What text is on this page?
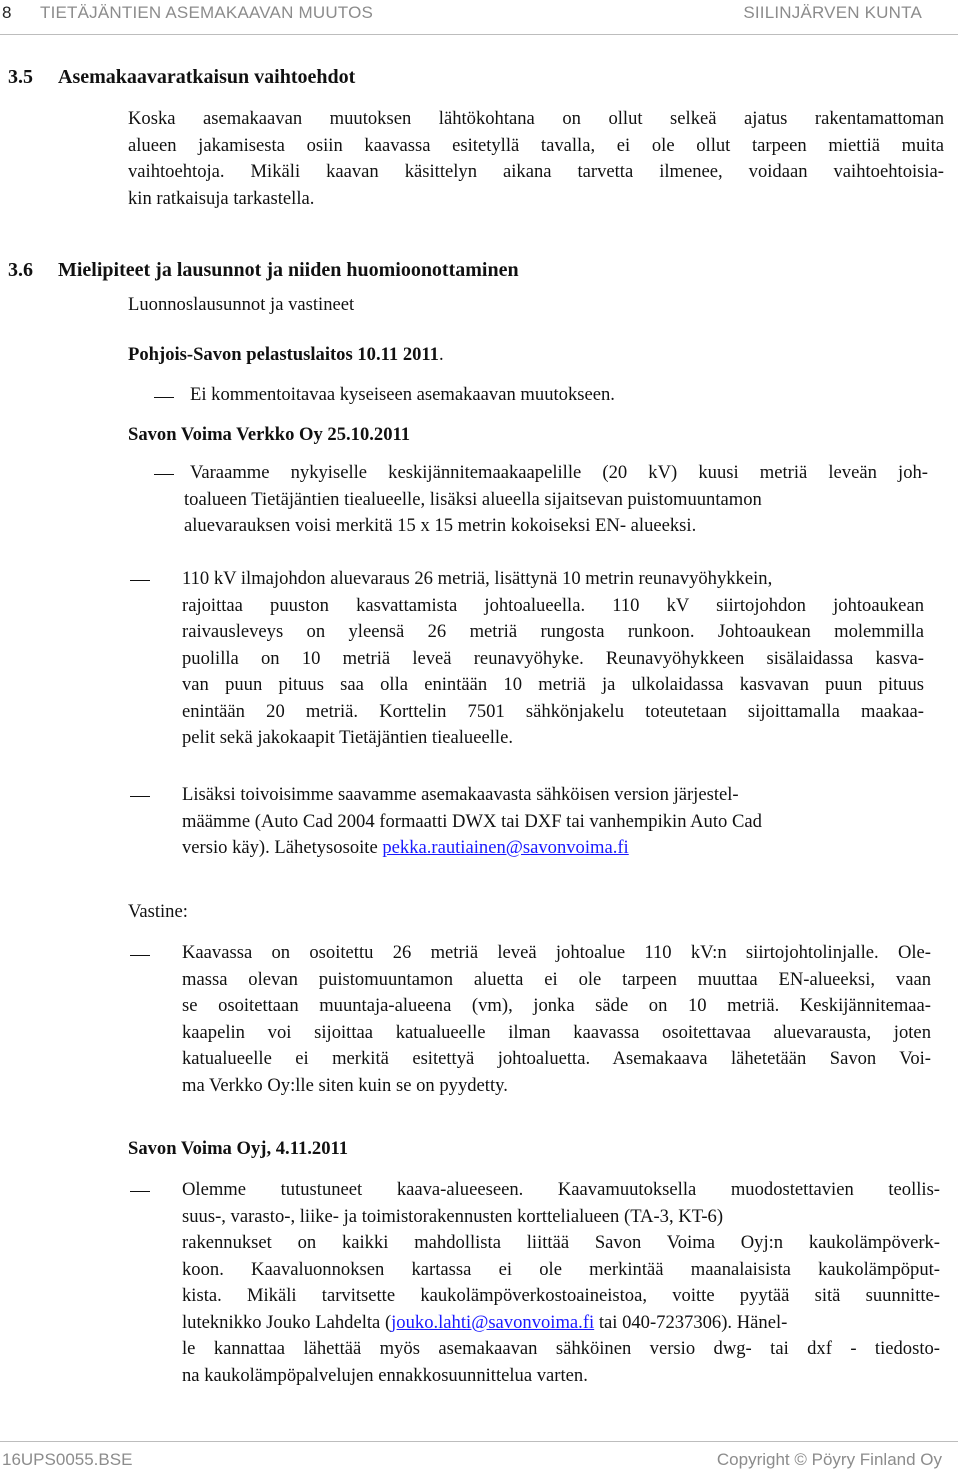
8 TIETÄJÄNTIEN ASEMAKAAVAN MUUTOS	SIILINJÄRVEN KUNTA
3.5 Asemakaavaratkaisun vaihtoehdot
Koska asemakaavan muutoksen lähtökohtana on ollut selkeä ajatus rakentamattoman
alueen jakamisesta osiin kaavassa esitetyllä tavalla, ei ole ollut tarpeen miettiä muita
vaihtoehtoja. Mikäli kaavan käsittelyn aikana tarvetta ilmenee, voidaan vaihtoehtoisia-
kin ratkaisuja tarkastella.
3.6 Mielipiteet ja lausunnot ja niiden huomioonottaminen
Luonnoslausunnot ja vastineet
Pohjois-Savon pelastuslaitos 10.11 2011.
Ei kommentoitavaa kyseiseen asemakaavan muutokseen.
Savon Voima Verkko Oy 25.10.2011
Varaamme nykyiselle keskijännitemaakaapelille (20 kV) kuusi metriä leveän joh-
toalueen Tietäjäntien tiealueelle, lisäksi alueella sijaitsevan puistomuuntamon
aluevarauksen voisi merkitä 15 x 15 metrin kokoiseksi EN- alueeksi.
110 kV ilmajohdon aluevaraus 26 metriä, lisättynä 10 metrin reunavyöhykkein,
rajoittaa puuston kasvattamista johtoalueella. 110 kV siirtojohdon johtoaukean
raivausleveys on yleensä 26 metriä rungosta runkoon. Johtoaukean molemmilla
puolilla on 10 metriä leveä reunavyöhyke. Reunavyöhykkeen sisälaidassa kasva-
van puun pituus saa olla enintään 10 metriä ja ulkolaidassa kasvavan puun pituus
enintään 20 metriä. Korttelin 7501 sähkönjakelu toteutetaan sijoittamalla maakaa-
pelit sekä jakokaapit Tietäjäntien tiealueelle.
Lisäksi toivoisimme saavamme asemakaavasta sähköisen version järjestel-
määmme (Auto Cad 2004 formaatti DWX tai DXF tai vanhempikin Auto Cad
versio käy). Lähetysosoite pekka.rautiainen@savonvoima.fi
Vastine:
Kaavassa on osoitettu 26 metriä leveä johtoalue 110 kV:n siirtojohtolinjalle. Ole-
massa olevan puistomuuntamon aluetta ei ole tarpeen muuttaa EN-alueeksi, vaan
se osoitettaan muuntaja-alueena (vm), jonka säde on 10 metriä. Keskijännitemaa-
kaapelin voi sijoittaa katualueelle ilman kaavassa osoitettavaa aluevarausta, joten
katualueelle ei merkitä esitettyä johtoaluetta. Asemakaava lähetetään Savon Voi-
ma Verkko Oy:lle siten kuin se on pyydetty.
Savon Voima Oyj, 4.11.2011
Olemme tutustuneet kaava-alueeseen. Kaavamuutoksella muodostettavien teollis-
suus-, varasto-, liike- ja toimistorakennusten korttelialueen (TA-3, KT-6)
rakennukset on kaikki mahdollista liittää Savon Voima Oyj:n kaukolämpöverk-
koon. Kaavaluonnoksen kartassa ei ole merkintää maanalaisista kaukolämpöput-
kista. Mikäli tarvitsette kaukolämpöverkostoaineistoa, voitte pyytää sitä suunnitte-
luteknikko Jouko Lahdelta (jouko.lahti@savonvoima.fi tai 040-7237306). Hänel-
le kannattaa lähettää myös asemakaavan sähköinen versio dwg- tai dxf - tiedosto-
na kaukolämpöpalvelujen ennakkosuunnittelua varten.
16UPS0055.BSE	Copyright © Pöyry Finland Oy
